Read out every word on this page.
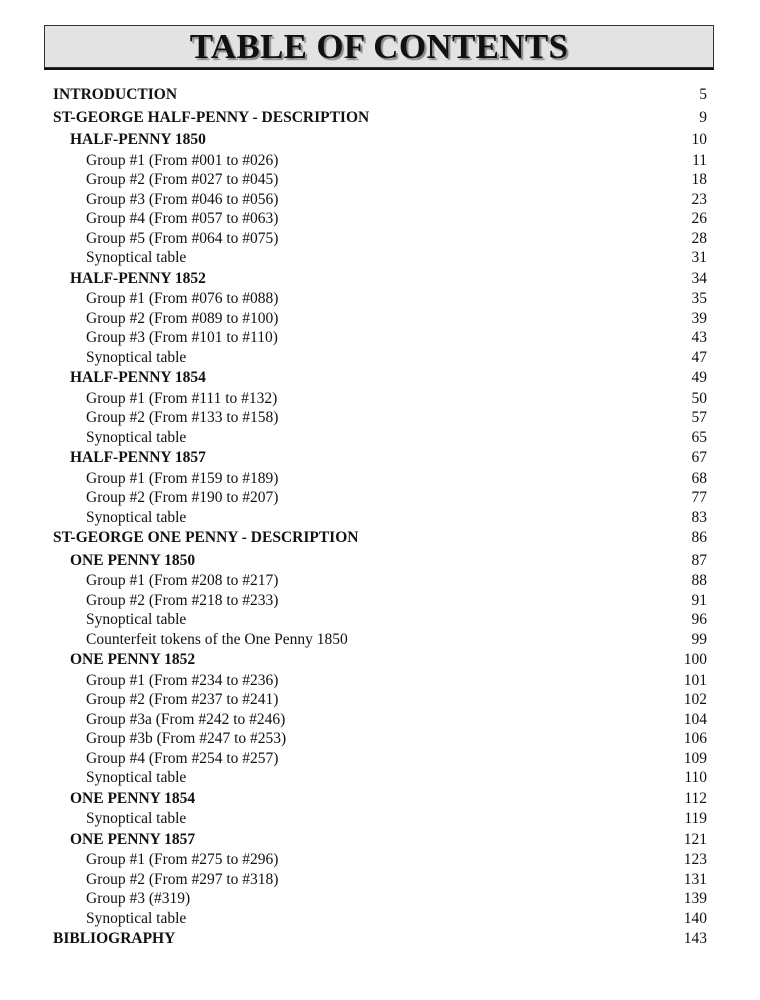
TABLE OF CONTENTS
INTRODUCTION	5
ST-GEORGE HALF-PENNY - DESCRIPTION	9
HALF-PENNY 1850	10
Group #1 (From #001 to #026)	11
Group #2 (From #027 to #045)	18
Group #3 (From #046 to #056)	23
Group #4 (From #057 to #063)	26
Group #5 (From #064 to #075)	28
Synoptical table	31
HALF-PENNY 1852	34
Group #1 (From #076 to #088)	35
Group #2 (From #089 to #100)	39
Group #3 (From #101 to #110)	43
Synoptical table	47
HALF-PENNY 1854	49
Group #1 (From #111 to #132)	50
Group #2 (From #133 to #158)	57
Synoptical table	65
HALF-PENNY 1857	67
Group #1 (From #159 to #189)	68
Group #2 (From #190 to #207)	77
Synoptical table	83
ST-GEORGE ONE PENNY - DESCRIPTION	86
ONE PENNY 1850	87
Group #1 (From #208 to #217)	88
Group #2 (From #218 to #233)	91
Synoptical table	96
Counterfeit tokens of the One Penny 1850	99
ONE PENNY 1852	100
Group #1 (From #234 to #236)	101
Group #2 (From #237 to #241)	102
Group #3a (From #242 to #246)	104
Group #3b (From #247 to #253)	106
Group #4 (From #254 to #257)	109
Synoptical table	110
ONE PENNY 1854	112
Synoptical table	119
ONE PENNY 1857	121
Group #1 (From #275 to #296)	123
Group #2 (From #297 to #318)	131
Group #3 (#319)	139
Synoptical table	140
BIBLIOGRAPHY	143
